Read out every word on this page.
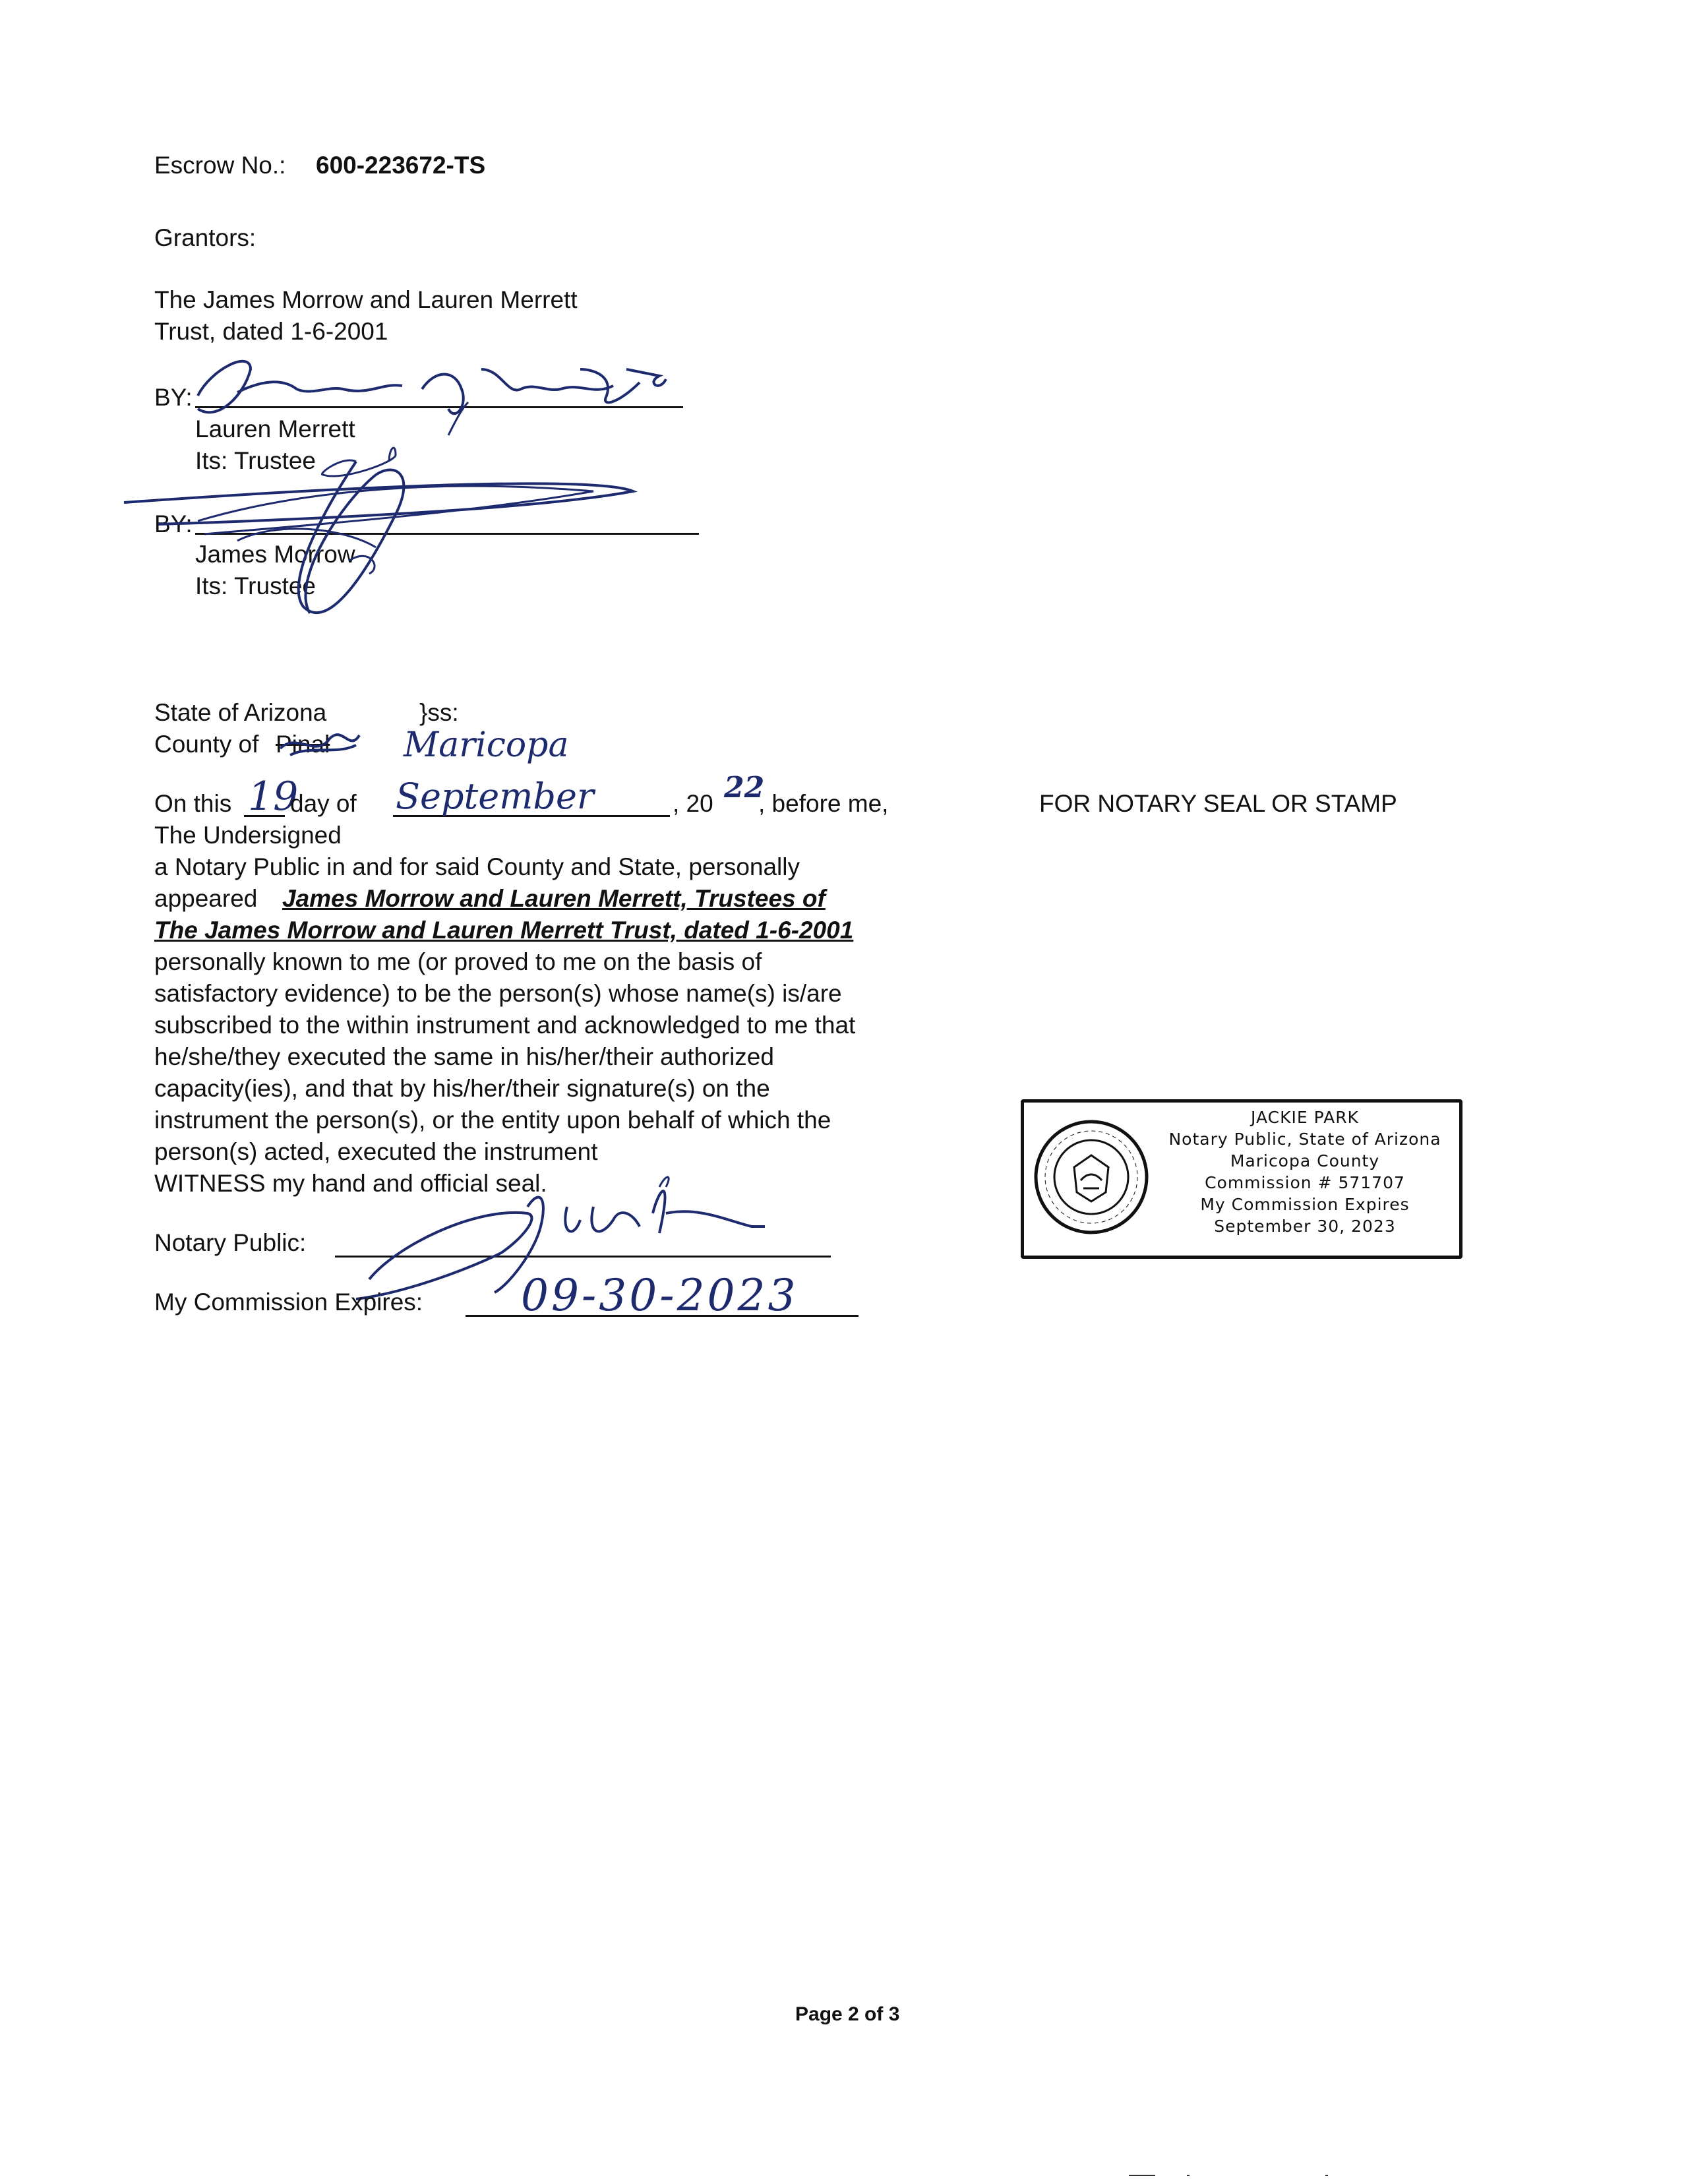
Escrow No.: 600-223672-TS
Grantors:
The James Morrow and Lauren Merrett
Trust, dated 1-6-2001
BY:
Lauren Merrett
Its: Trustee
BY:
James Morrow
Its: Trustee
State of Arizona	}ss:
County of Pinal Maricopa
On this 19
day of September	, 20 22
, before me,
The Undersigned
a Notary Public in and for said County and State, personally
appeared James Morrow and Lauren Merrett, Trustees of
The James Morrow and Lauren Merrett Trust, dated 1-6-2001
personally known to me (or proved to me on the basis of
satisfactory evidence) to be the person(s) whose name(s) is/are
subscribed to the within instrument and acknowledged to me that
he/she/they executed the same in his/her/their authorized
capacity(ies), and that by his/her/their signature(s) on the
instrument the person(s), or the entity upon behalf of which the
person(s) acted, executed the instrument
WITNESS my hand and official seal.
Notary Public:
My Commission Expires: 09-30-2023
FOR NOTARY SEAL OR STAMP
JACKIE PARK
Notary Public, State of Arizona
Maricopa County
Commission # 571707
My Commission Expires
September 30, 2023
Page 2 of 3
